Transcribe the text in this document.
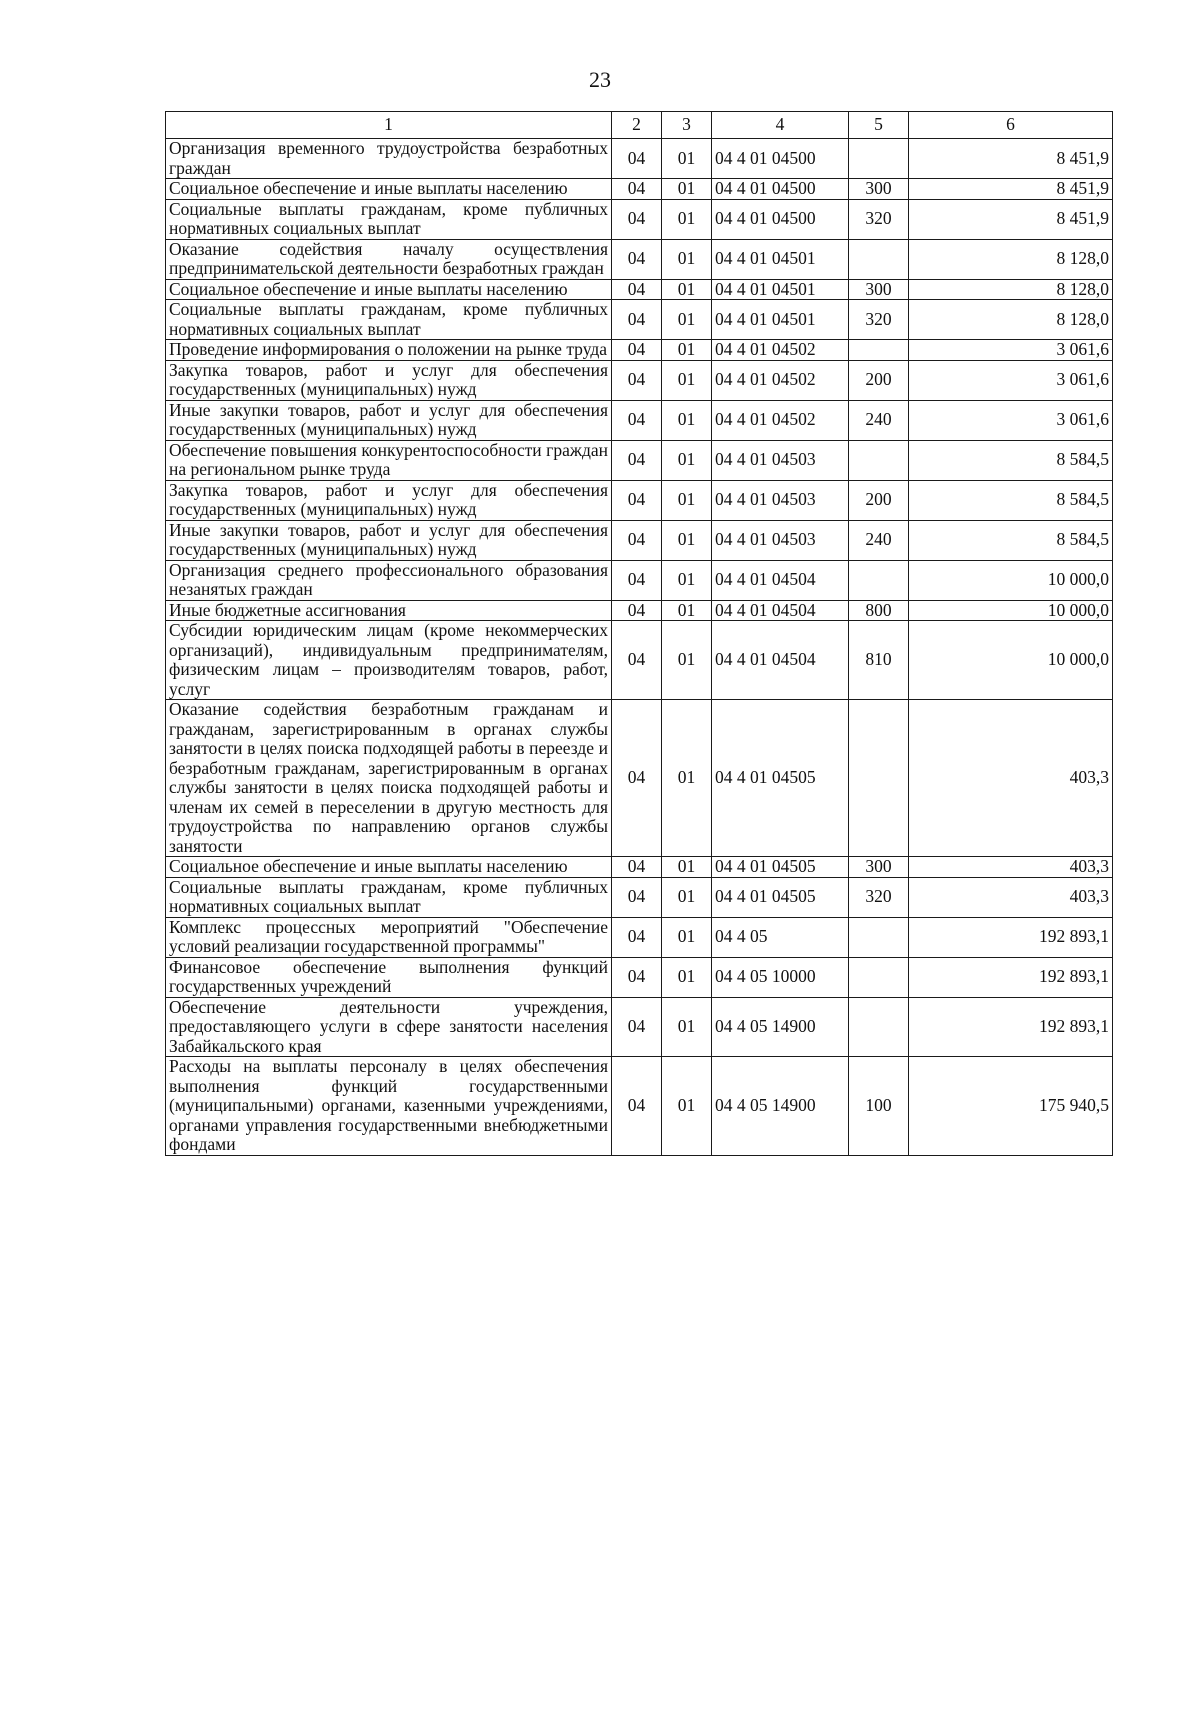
23
1	2	3	4	5	6
Организация временного трудоустройства безработных граждан	04	01	04 4 01 04500		8 451,9
Социальное обеспечение и иные выплаты населению	04	01	04 4 01 04500	300	8 451,9
Социальные выплаты гражданам, кроме публичных нормативных социальных выплат	04	01	04 4 01 04500	320	8 451,9
Оказание содействия началу осуществления предпринимательской деятельности безработных граждан	04	01	04 4 01 04501		8 128,0
Социальное обеспечение и иные выплаты населению	04	01	04 4 01 04501	300	8 128,0
Социальные выплаты гражданам, кроме публичных нормативных социальных выплат	04	01	04 4 01 04501	320	8 128,0
Проведение информирования о положении на рынке труда	04	01	04 4 01 04502		3 061,6
Закупка товаров, работ и услуг для обеспечения государственных (муниципальных) нужд	04	01	04 4 01 04502	200	3 061,6
Иные закупки товаров, работ и услуг для обеспечения государственных (муниципальных) нужд	04	01	04 4 01 04502	240	3 061,6
Обеспечение повышения конкурентоспособности граждан на региональном рынке труда	04	01	04 4 01 04503		8 584,5
Закупка товаров, работ и услуг для обеспечения государственных (муниципальных) нужд	04	01	04 4 01 04503	200	8 584,5
Иные закупки товаров, работ и услуг для обеспечения государственных (муниципальных) нужд	04	01	04 4 01 04503	240	8 584,5
Организация среднего профессионального образования незанятых граждан	04	01	04 4 01 04504		10 000,0
Иные бюджетные ассигнования	04	01	04 4 01 04504	800	10 000,0
Субсидии юридическим лицам (кроме некоммерческих организаций), индивидуальным предпринимателям, физическим лицам – производителям товаров, работ, услуг	04	01	04 4 01 04504	810	10 000,0
Оказание содействия безработным гражданам и гражданам, зарегистрированным в органах службы занятости в целях поиска подходящей работы в переезде и безработным гражданам, зарегистрированным в органах службы занятости в целях поиска подходящей работы и членам их семей в переселении в другую местность для трудоустройства по направлению органов службы занятости	04	01	04 4 01 04505		403,3
Социальное обеспечение и иные выплаты населению	04	01	04 4 01 04505	300	403,3
Социальные выплаты гражданам, кроме публичных нормативных социальных выплат	04	01	04 4 01 04505	320	403,3
Комплекс процессных мероприятий "Обеспечение условий реализации государственной программы"	04	01	04 4 05		192 893,1
Финансовое обеспечение выполнения функций государственных учреждений	04	01	04 4 05 10000		192 893,1
Обеспечение деятельности учреждения, предоставляющего услуги в сфере занятости населения Забайкальского края	04	01	04 4 05 14900		192 893,1
Расходы на выплаты персоналу в целях обеспечения выполнения функций государственными (муниципальными) органами, казенными учреждениями, органами управления государственными внебюджетными фондами	04	01	04 4 05 14900	100	175 940,5
